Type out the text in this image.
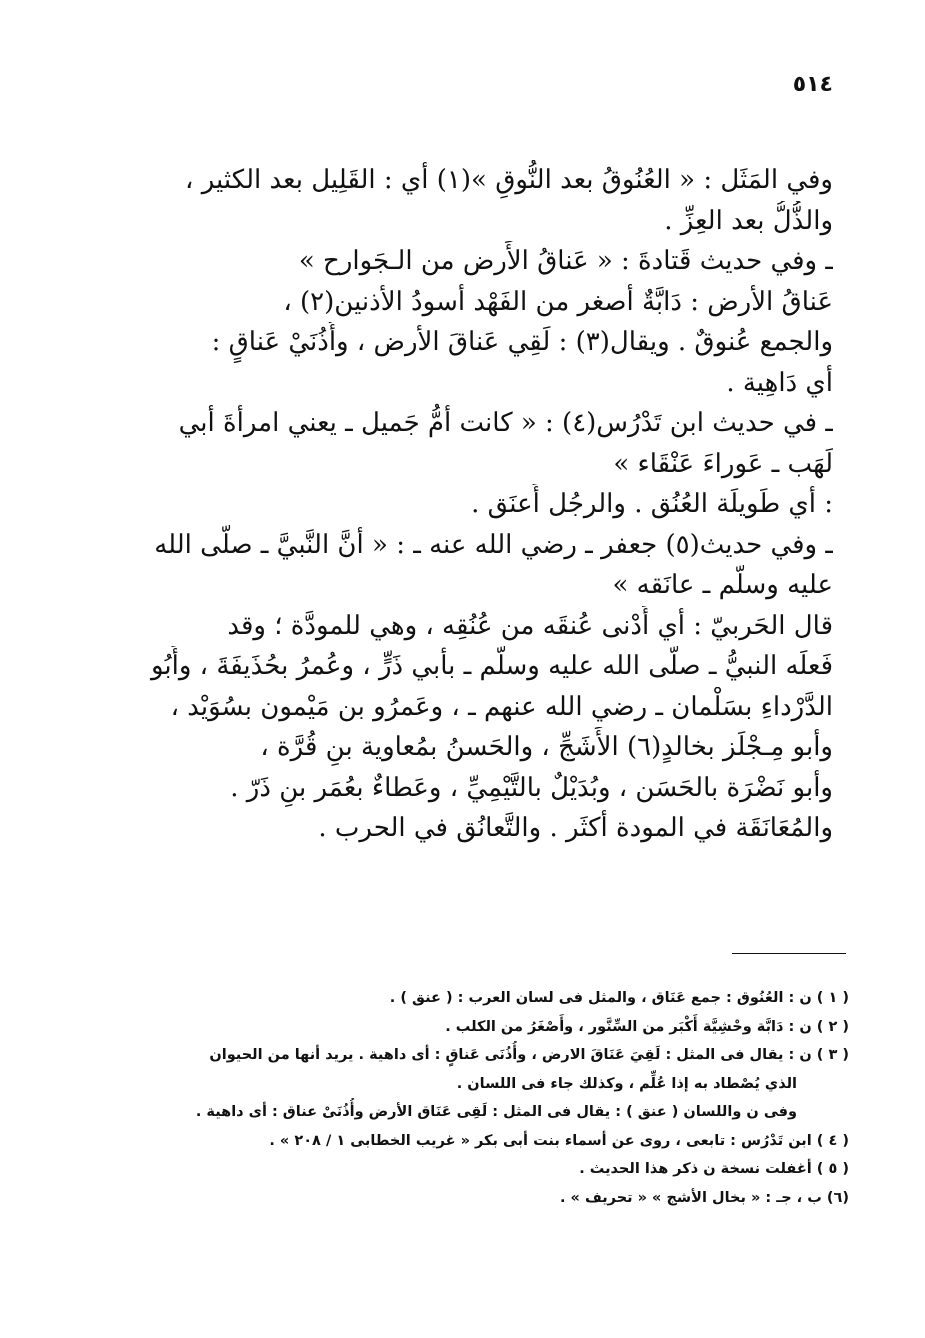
٥١٤
وفي المَثَل : « العُنُوقُ بعد النُّوقِ »(١) أي : القَلِيل بعد الكثير ،
والذُّلُّ بعد العِزِّ .
ـ وفي حديث قَتادةَ : « عَناقُ الأَرض من الـجَوارح »
عَناقُ الأرض : دَابَّةٌ أصغر من الفَهْد أسودُ الأذنين(٢) ،
والجمع عُنوقٌ . ويقال(٣) : لَقِي عَناقَ الأرض ، وأُذُنَيْ عَناقٍ :
أي دَاهِية .
ـ في حديث ابن تَدْرُس(٤) : « كانت أمُّ جَميل ـ يعني امرأةَ أبي
لَهَب ـ عَوراءَ عَنْقَاء »
: أي طَويلَة العُنُق . والرجُل أَعنَق .
ـ وفي حديث(٥) جعفر ـ رضي الله عنه ـ : « أنَّ النَّبيَّ ـ صلّى الله
عليه وسلّم ـ عانَقه »
قال الحَربيّ : أي أَدْنى عُنقَه من عُنُقِه ، وهي للمودَّة ؛ وقد
فَعلَه النبيُّ ـ صلّى الله عليه وسلّم ـ بأَبي ذَرٍّ ، وعُمرُ بحُذَيفَةَ ، وأَبُو
الدَّرْداءِ بسَلْمان ـ رضي الله عنهم ـ ، وعَمرُو بن مَيْمون بسُوَيْد ،
وأبو مِـجْلَز بخالدٍ(٦) الأَشَجِّ ، والحَسنُ بمُعاوية بنِ قُرَّة ،
وأبو نَضْرَة بالحَسَن ، وبُدَيْلٌ بالتَّيْمِيِّ ، وعَطاءٌ بعُمَر بنِ ذَرّ .
والمُعَانَقَة في المودة أكثَر . والتَّعانُق في الحرب .
( ١ ) ن : العُنُوق : جمع عَنَاق ، والمثل فى لسان العرب : ( عنق ) .
( ٢ ) ن : دَابَّة وحْشِيَّة أَكْبَر من السِّنَّور ، وأَصْغَرُ من الكلب .
( ٣ ) ن : يقال فى المثل : لَقِيَ عَنَاقَ الارض ، وأُذُنَى عَناقٍ : أى داهية . يريد أنها من الحيوان
الذي يُصْطاد به إذا عُلِّم ، وكذلك جاء فى اللسان .
وفى ن واللسان ( عنق ) : يقال فى المثل : لَقِى عَنَاق الأرض وأُذُنَىْ عناق : أى داهية .
( ٤ ) ابن تَدْرُس : تابعى ، روى عن أسماء بنت أبى بكر « غريب الخطابى ١ / ٢٠٨ » .
( ٥ ) أغفلت نسخة ن ذكر هذا الحديث .
(٦) ب ، جـ : « بخال الأشج » « تحريف » .
